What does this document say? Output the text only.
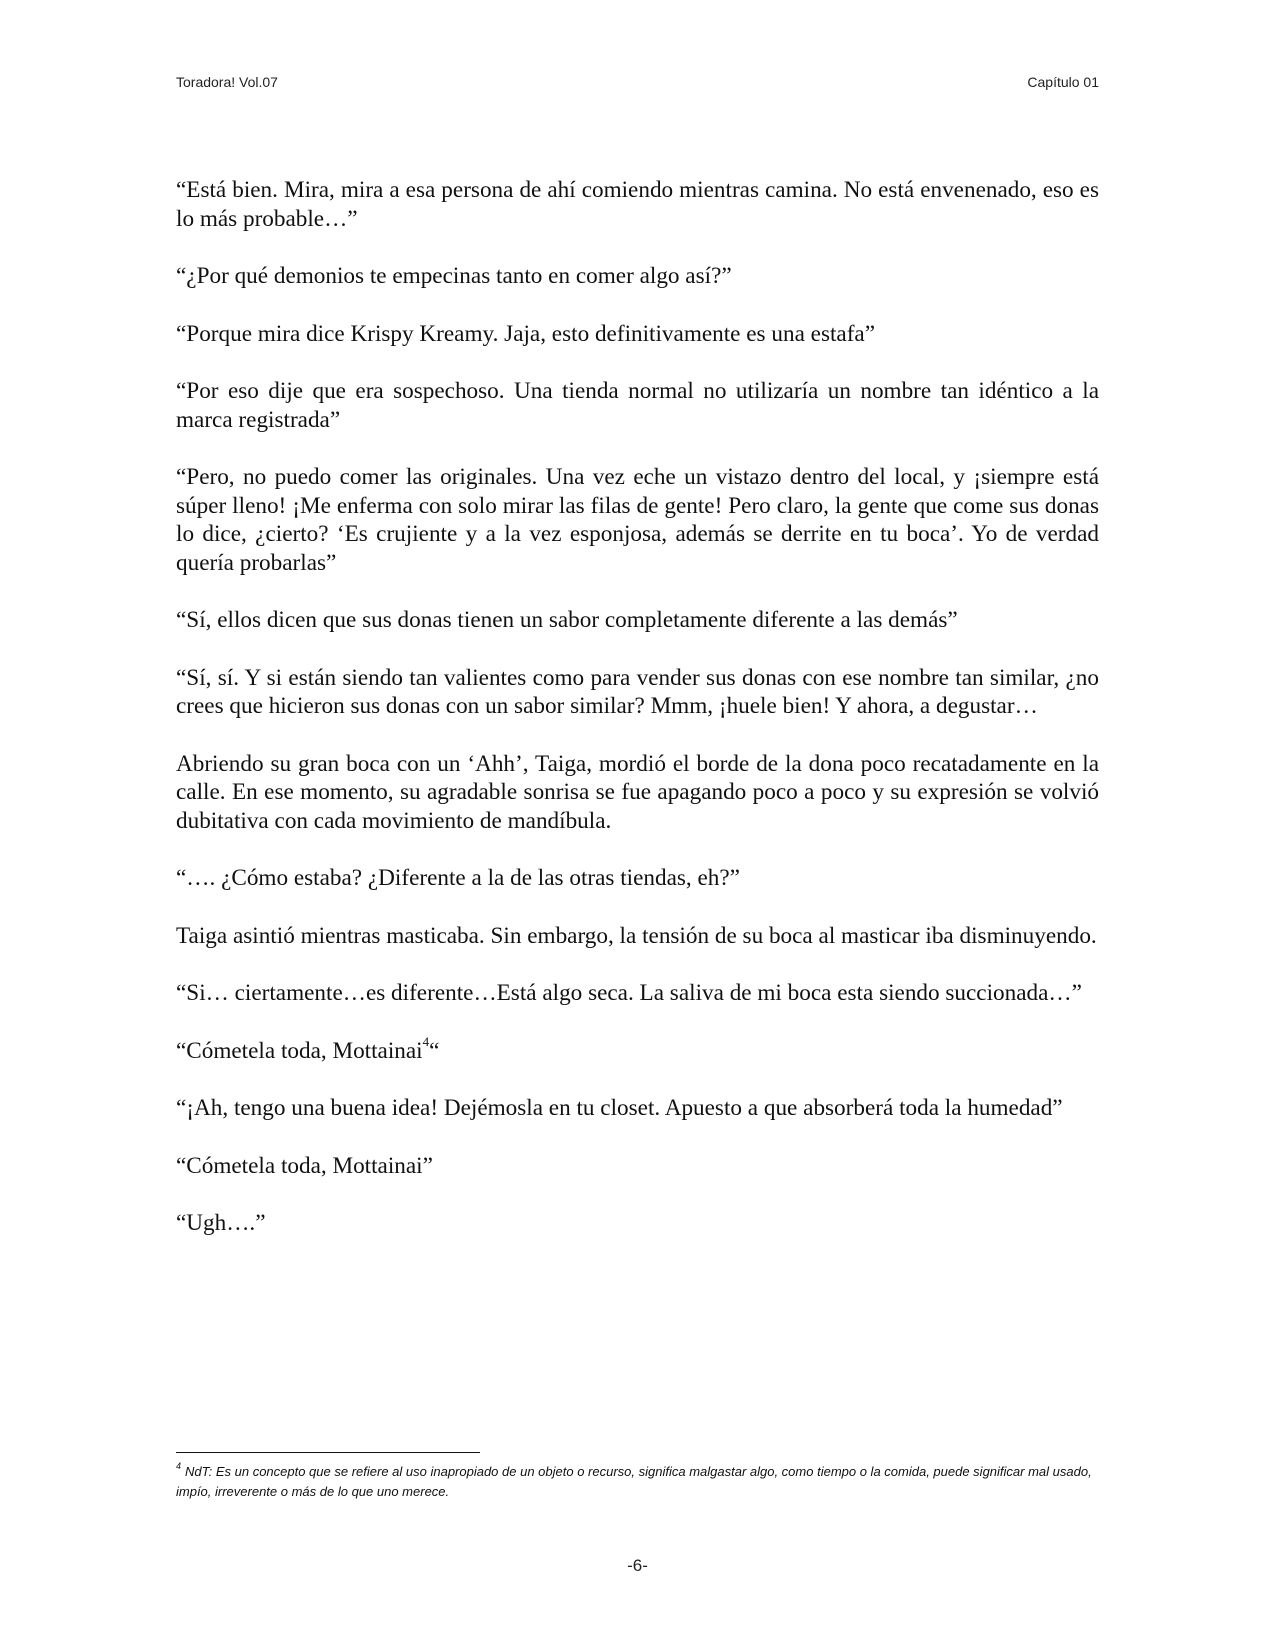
Toradora! Vol.07	Capítulo 01

“Está bien. Mira, mira a esa persona de ahí comiendo mientras camina. No está envenenado, eso es lo más probable…”

“¿Por qué demonios te empecinas tanto en comer algo así?”

“Porque mira dice Krispy Kreamy. Jaja, esto definitivamente es una estafa”

“Por eso dije que era sospechoso. Una tienda normal no utilizaría un nombre tan idéntico a la marca registrada”

“Pero, no puedo comer las originales. Una vez eche un vistazo dentro del local, y ¡siempre está súper lleno! ¡Me enferma con solo mirar las filas de gente! Pero claro, la gente que come sus donas lo dice, ¿cierto? ‘Es crujiente y a la vez esponjosa, además se derrite en tu boca’. Yo de verdad quería probarlas”

“Sí, ellos dicen que sus donas tienen un sabor completamente diferente a las demás”

“Sí, sí. Y si están siendo tan valientes como para vender sus donas con ese nombre tan similar, ¿no crees que hicieron sus donas con un sabor similar? Mmm, ¡huele bien! Y ahora, a degustar…

Abriendo su gran boca con un ‘Ahh’, Taiga, mordió el borde de la dona poco recatadamente en la calle. En ese momento, su agradable sonrisa se fue apagando poco a poco y su expresión se volvió dubitativa con cada movimiento de mandíbula.

“…. ¿Cómo estaba? ¿Diferente a la de las otras tiendas, eh?”

Taiga asintió mientras masticaba. Sin embargo, la tensión de su boca al masticar iba disminuyendo.

“Si… ciertamente…es diferente…Está algo seca. La saliva de mi boca esta siendo succionada…”

“Cómetela toda, Mottainai$^4$“

“¡Ah, tengo una buena idea! Dejémosla en tu closet. Apuesto a que absorberá toda la humedad”

“Cómetela toda, Mottainai”

“Ugh….”

$^4$ NdT: Es un concepto que se refiere al uso inapropiado de un objeto o recurso, significa malgastar algo, como tiempo o la comida, puede significar mal usado, impío, irreverente o más de lo que uno merece.
-6-
